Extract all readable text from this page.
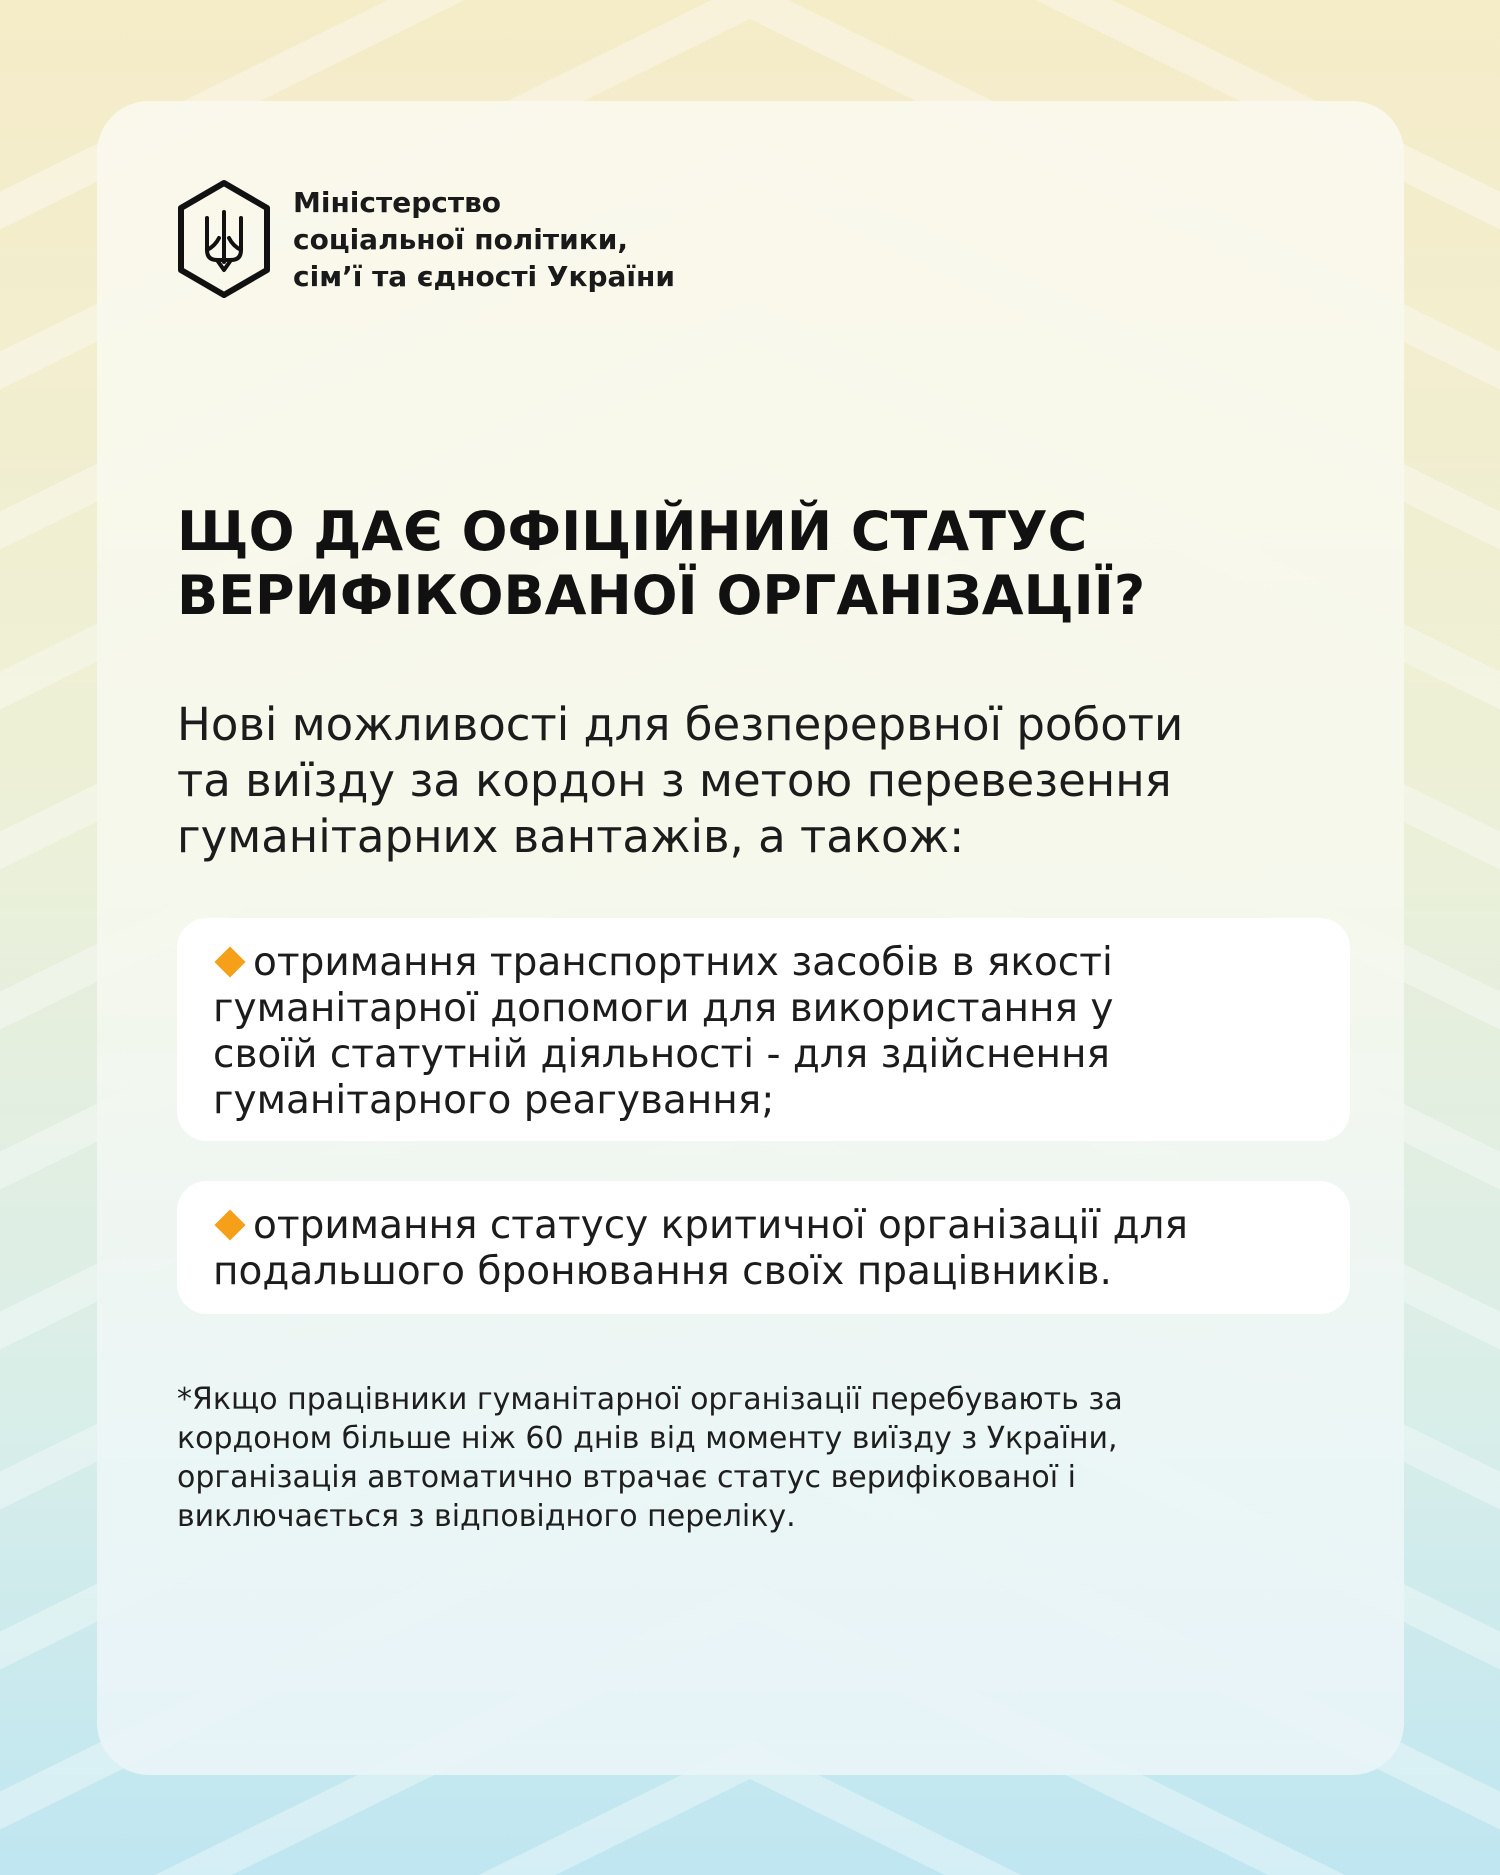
Міністерство
соціальної політики,
сім’ї та єдності України
ЩО ДАЄ ОФІЦІЙНИЙ СТАТУС
ВЕРИФІКОВАНОЇ ОРГАНІЗАЦІЇ?
Нові можливості для безперервної роботи
та виїзду за кордон з метою перевезення
гуманітарних вантажів, а також:
отримання транспортних засобів в якості
гуманітарної допомоги для використання у
своїй статутній діяльності - для здійснення
гуманітарного реагування;
отримання статусу критичної організації для
подальшого бронювання своїх працівників.
*Якщо працівники гуманітарної організації перебувають за
кордоном більше ніж 60 днів від моменту виїзду з України,
організація автоматично втрачає статус верифікованої і
виключається з відповідного переліку.
